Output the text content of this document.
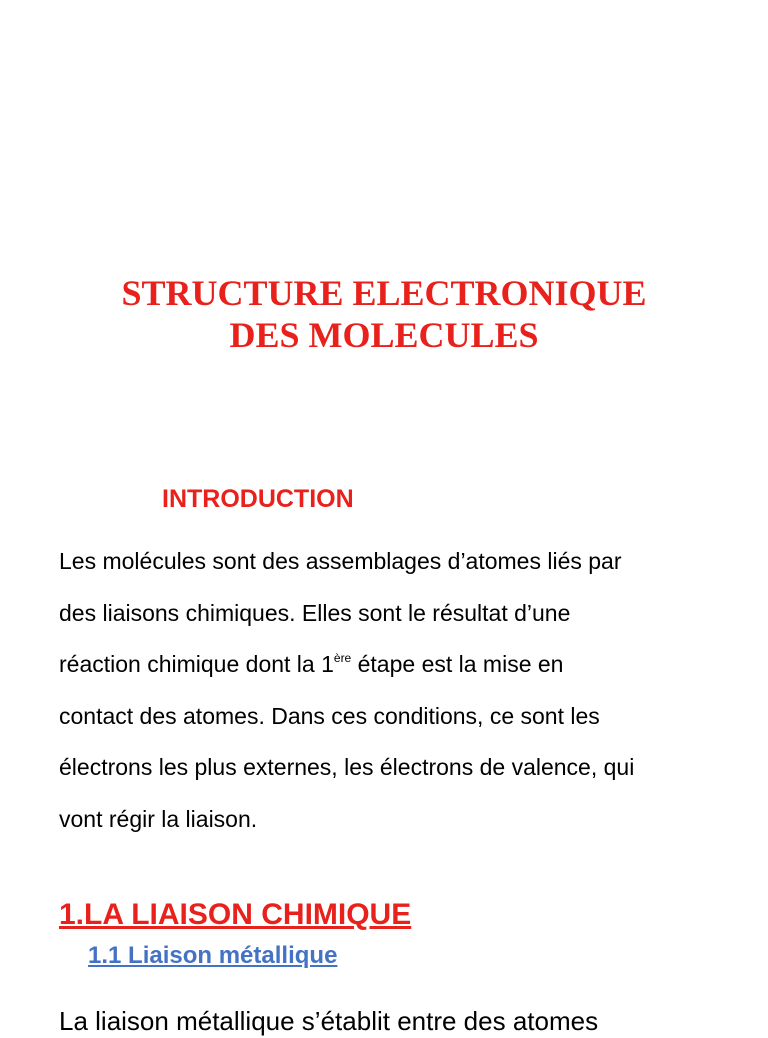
STRUCTURE ELECTRONIQUE
DES MOLECULES
INTRODUCTION
Les molécules sont des assemblages d’atomes liés par
des liaisons chimiques. Elles sont le résultat d’une
réaction chimique dont la 1ère étape est la mise en
contact des atomes. Dans ces conditions, ce sont les
électrons les plus externes, les électrons de valence, qui
vont régir la liaison.
1.LA LIAISON CHIMIQUE
1.1 Liaison métallique
La liaison métallique s’établit entre des atomes
